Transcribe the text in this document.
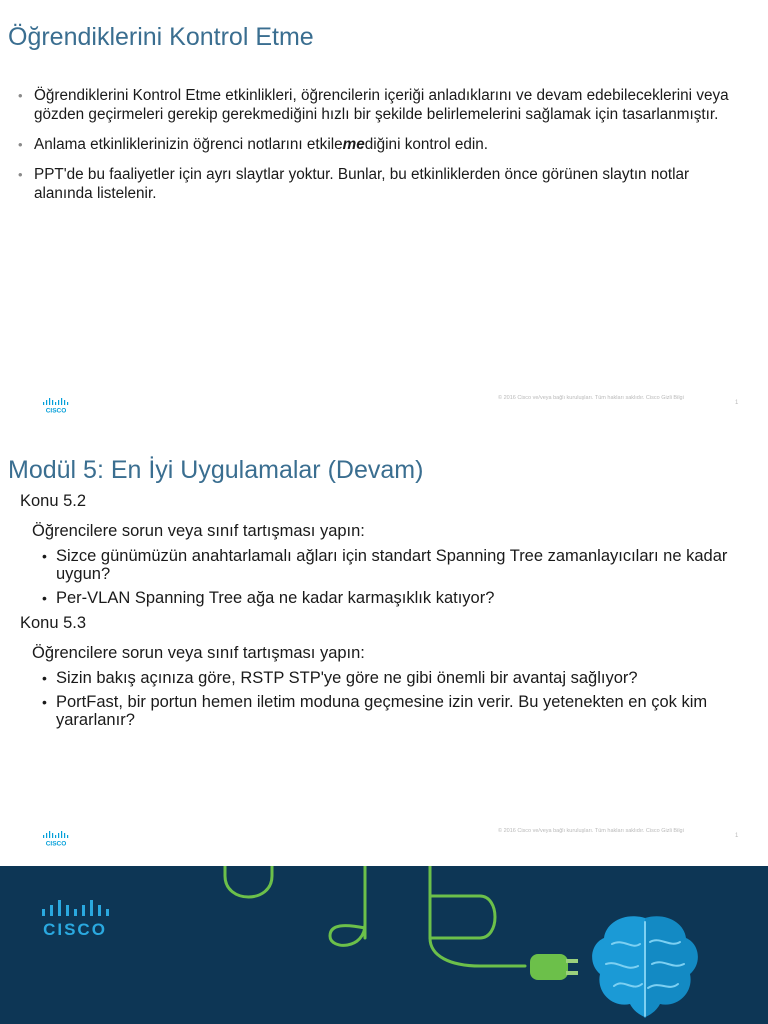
Öğrendiklerini Kontrol Etme
• Öğrendiklerini Kontrol Etme etkinlikleri, öğrencilerin içeriği anladıklarını ve devam edebileceklerini veya gözden geçirmeleri gerekip gerekmediğini hızlı bir şekilde belirlemelerini sağlamak için tasarlanmıştır.
• Anlama etkinliklerinizin öğrenci notlarını etkilemediğini kontrol edin.
• PPT'de bu faaliyetler için ayrı slaytlar yoktur. Bunlar, bu etkinliklerden önce görünen slaytın notlar alanında listelenir.
CISCO
© 2016 Cisco ve/veya bağlı kuruluşları. Tüm hakları saklıdır. Cisco Gizli Bilgi
1
Modül 5: En İyi Uygulamalar (Devam)

Konu 5.2

Öğrencilere sorun veya sınıf tartışması yapın:

• Sizce günümüzün anahtarlamalı ağları için standart Spanning Tree zamanlayıcıları ne kadar uygun?
• Per-VLAN Spanning Tree ağa ne kadar karmaşıklık katıyor?

Konu 5.3

Öğrencilere sorun veya sınıf tartışması yapın:

• Sizin bakış açınıza göre, RSTP STP'ye göre ne gibi önemli bir avantaj sağlıyor?
• PortFast, bir portun hemen iletim moduna geçmesine izin verir. Bu yetenekten en çok kim yararlanır?
CISCO
© 2016 Cisco ve/veya bağlı kuruluşları. Tüm hakları saklıdır. Cisco Gizli Bilgi
1
CISCO
